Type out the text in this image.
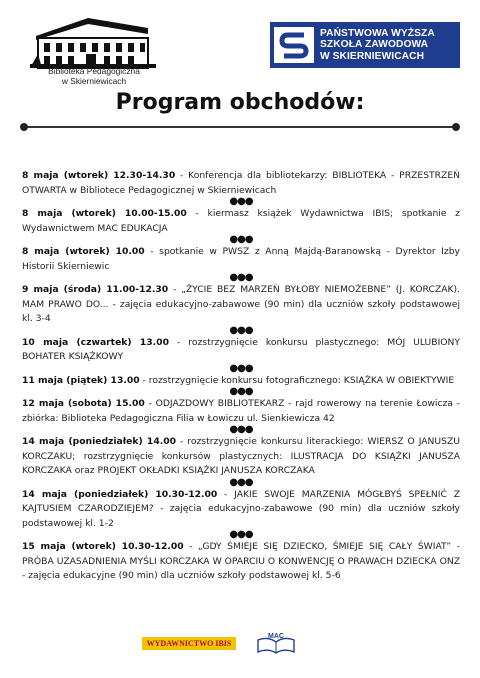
Biblioteka Pedagogiczna
w Skierniewicach
PAŃSTWOWA WYŻSZA
SZKOŁA ZAWODOWA
W SKIERNIEWICACH
Program obchodów:
8 maja (wtorek) 12.30-14.30 - Konferencja dla bibliotekarzy: BIBLIOTEKA - PRZESTRZEŃ OTWARTA w Bibliotece Pedagogicznej w Skierniewicach
●●●
8 maja (wtorek) 10.00-15.00 - kiermasz książek Wydawnictwa IBIS; spotkanie z Wydawnictwem MAC EDUKACJA
●●●
8 maja (wtorek) 10.00 - spotkanie w PWSZ z Anną Majdą-Baranowską - Dyrektor Izby Historii Skierniewic
●●●
9 maja (środa) 11.00-12.30 - „ŻYCIE BEZ MARZEŃ BYŁOBY NIEMOŻEBNE” (J. KORCZAK). MAM PRAWO DO... - zajęcia edukacyjno-zabawowe (90 min) dla uczniów szkoły podstawowej kl. 3-4
●●●
10 maja (czwartek) 13.00 - rozstrzygnięcie konkursu plastycznego: MÓJ ULUBIONY BOHATER KSIĄŻKOWY
●●●
11 maja (piątek) 13.00 - rozstrzygnięcie konkursu fotograficznego: KSIĄŻKA W OBIEKTYWIE
●●●
12 maja (sobota) 15.00 - ODJAZDOWY BIBLIOTEKARZ - rajd rowerowy na terenie Łowicza - zbiórka: Biblioteka Pedagogiczna Filia w Łowiczu ul. Sienkiewicza 42
●●●
14 maja (poniedziałek) 14.00 - rozstrzygnięcie konkursu literackiego: WIERSZ O JANUSZU KORCZAKU; rozstrzygnięcie konkursów plastycznych: ILUSTRACJA DO KSIĄŻKI JANUSZA KORCZAKA oraz PROJEKT OKŁADKI KSIĄŻKI JANUSZA KORCZAKA
●●●
14 maja (poniedziałek) 10.30-12.00 - JAKIE SWOJE MARZENIA MÓGŁBYŚ SPEŁNIĆ Z KAJTUSIEM CZARODZIEJEM? - zajęcia edukacyjno-zabawowe (90 min) dla uczniów szkoły podstawowej kl. 1-2
●●●
15 maja (wtorek) 10.30-12.00 - „GDY ŚMIEJE SIĘ DZIECKO, ŚMIEJE SIĘ CAŁY ŚWIAT” - PRÓBA UZASADNIENIA MYŚLI KORCZAKA W OPARCIU O KONWENCJĘ O PRAWACH DZIECKA ONZ - zajęcia edukacyjne (90 min) dla uczniów szkoły podstawowej kl. 5-6
WYDAWNICTWO IBIS
MAC
